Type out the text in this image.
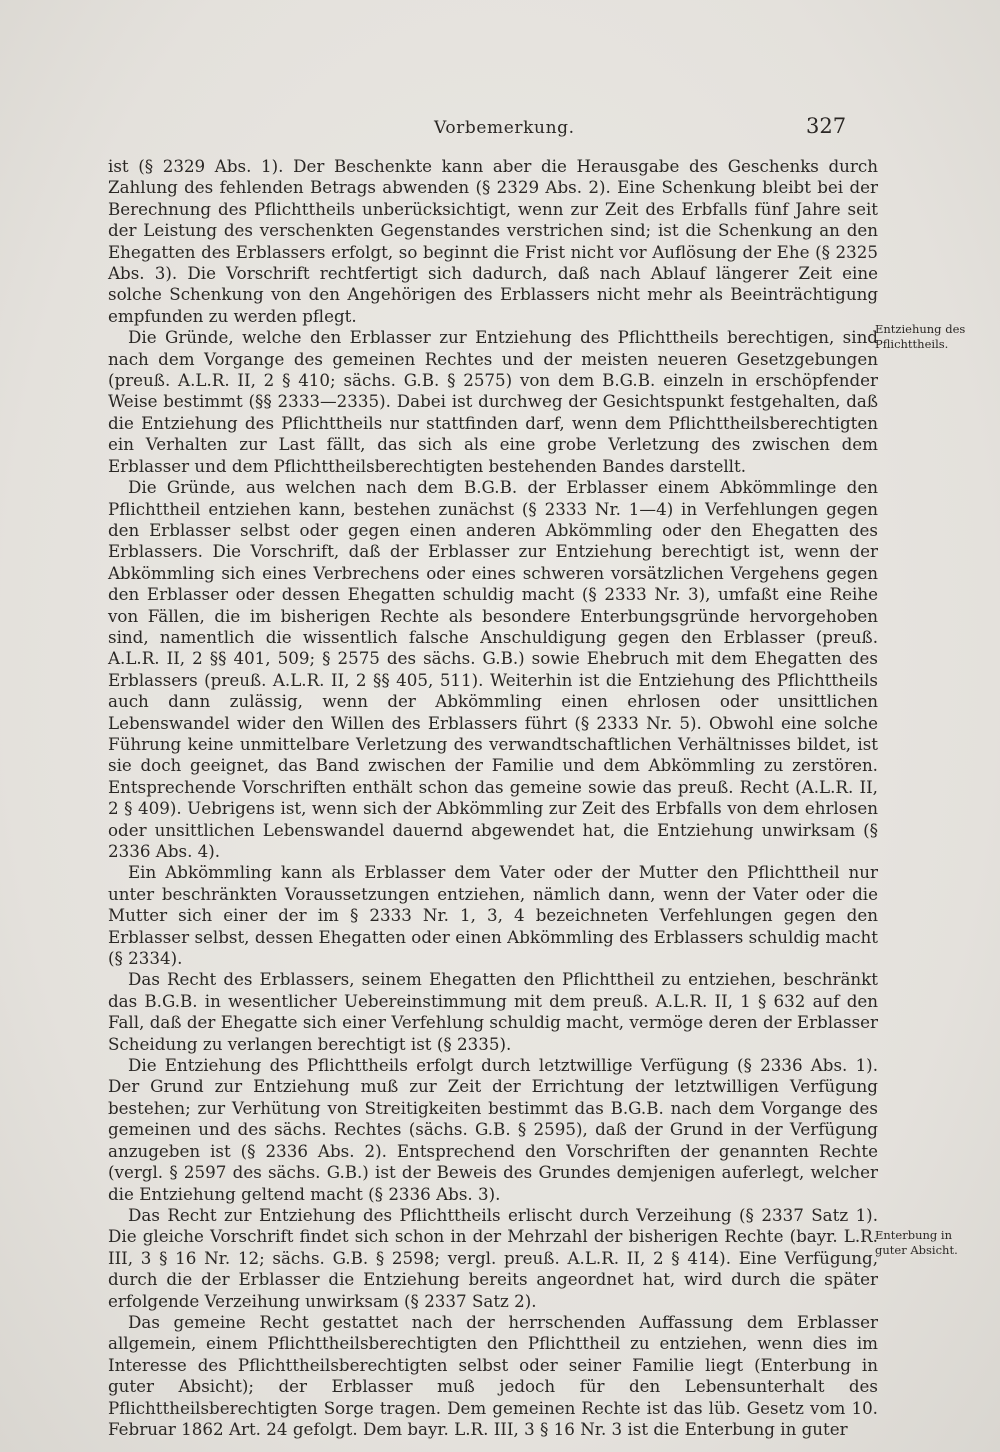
Vorbemerkung.	327

ist (§ 2329 Abs. 1). Der Beschenkte kann aber die Herausgabe des Geschenks durch Zahlung des fehlenden Betrags abwenden (§ 2329 Abs. 2). Eine Schenkung bleibt bei der Berechnung des Pflichttheils unberücksichtigt, wenn zur Zeit des Erbfalls fünf Jahre seit der Leistung des verschenkten Gegenstandes verstrichen sind; ist die Schenkung an den Ehegatten des Erblassers erfolgt, so beginnt die Frist nicht vor Auflösung der Ehe (§ 2325 Abs. 3). Die Vorschrift rechtfertigt sich dadurch, daß nach Ablauf längerer Zeit eine solche Schenkung von den Angehörigen des Erblassers nicht mehr als Beeinträchtigung empfunden zu werden pflegt.

Die Gründe, welche den Erblasser zur Entziehung des Pflichttheils berechtigen, sind nach dem Vorgange des gemeinen Rechtes und der meisten neueren Gesetzgebungen (preuß. A.L.R. II, 2 § 410; sächs. G.B. § 2575) von dem B.G.B. einzeln in erschöpfender Weise bestimmt (§§ 2333—2335). Dabei ist durchweg der Gesichtspunkt festgehalten, daß die Entziehung des Pflichttheils nur stattfinden darf, wenn dem Pflichttheilsberechtigten ein Verhalten zur Last fällt, das sich als eine grobe Verletzung des zwischen dem Erblasser und dem Pflichttheilsberechtigten bestehenden Bandes darstellt.

Die Gründe, aus welchen nach dem B.G.B. der Erblasser einem Abkömmlinge den Pflichttheil entziehen kann, bestehen zunächst (§ 2333 Nr. 1—4) in Verfehlungen gegen den Erblasser selbst oder gegen einen anderen Abkömmling oder den Ehegatten des Erblassers. Die Vorschrift, daß der Erblasser zur Entziehung berechtigt ist, wenn der Abkömmling sich eines Verbrechens oder eines schweren vorsätzlichen Vergehens gegen den Erblasser oder dessen Ehegatten schuldig macht (§ 2333 Nr. 3), umfaßt eine Reihe von Fällen, die im bisherigen Rechte als besondere Enterbungsgründe hervorgehoben sind, namentlich die wissentlich falsche Anschuldigung gegen den Erblasser (preuß. A.L.R. II, 2 §§ 401, 509; § 2575 des sächs. G.B.) sowie Ehebruch mit dem Ehegatten des Erblassers (preuß. A.L.R. II, 2 §§ 405, 511). Weiterhin ist die Entziehung des Pflichttheils auch dann zulässig, wenn der Abkömmling einen ehrlosen oder unsittlichen Lebenswandel wider den Willen des Erblassers führt (§ 2333 Nr. 5). Obwohl eine solche Führung keine unmittelbare Verletzung des verwandtschaftlichen Verhältnisses bildet, ist sie doch geeignet, das Band zwischen der Familie und dem Abkömmling zu zerstören. Entsprechende Vorschriften enthält schon das gemeine sowie das preuß. Recht (A.L.R. II, 2 § 409). Uebrigens ist, wenn sich der Abkömmling zur Zeit des Erbfalls von dem ehrlosen oder unsittlichen Lebenswandel dauernd abgewendet hat, die Entziehung unwirksam (§ 2336 Abs. 4).

Ein Abkömmling kann als Erblasser dem Vater oder der Mutter den Pflichttheil nur unter beschränkten Voraussetzungen entziehen, nämlich dann, wenn der Vater oder die Mutter sich einer der im § 2333 Nr. 1, 3, 4 bezeichneten Verfehlungen gegen den Erblasser selbst, dessen Ehegatten oder einen Abkömmling des Erblassers schuldig macht (§ 2334).

Das Recht des Erblassers, seinem Ehegatten den Pflichttheil zu entziehen, beschränkt das B.G.B. in wesentlicher Uebereinstimmung mit dem preuß. A.L.R. II, 1 § 632 auf den Fall, daß der Ehegatte sich einer Verfehlung schuldig macht, vermöge deren der Erblasser Scheidung zu verlangen berechtigt ist (§ 2335).

Die Entziehung des Pflichttheils erfolgt durch letztwillige Verfügung (§ 2336 Abs. 1). Der Grund zur Entziehung muß zur Zeit der Errichtung der letztwilligen Verfügung bestehen; zur Verhütung von Streitigkeiten bestimmt das B.G.B. nach dem Vorgange des gemeinen und des sächs. Rechtes (sächs. G.B. § 2595), daß der Grund in der Verfügung anzugeben ist (§ 2336 Abs. 2). Entsprechend den Vorschriften der genannten Rechte (vergl. § 2597 des sächs. G.B.) ist der Beweis des Grundes demjenigen auferlegt, welcher die Entziehung geltend macht (§ 2336 Abs. 3).

Das Recht zur Entziehung des Pflichttheils erlischt durch Verzeihung (§ 2337 Satz 1). Die gleiche Vorschrift findet sich schon in der Mehrzahl der bisherigen Rechte (bayr. L.R. III, 3 § 16 Nr. 12; sächs. G.B. § 2598; vergl. preuß. A.L.R. II, 2 § 414). Eine Verfügung, durch die der Erblasser die Entziehung bereits angeordnet hat, wird durch die später erfolgende Verzeihung unwirksam (§ 2337 Satz 2).

Das gemeine Recht gestattet nach der herrschenden Auffassung dem Erblasser allgemein, einem Pflichttheilsberechtigten den Pflichttheil zu entziehen, wenn dies im Interesse des Pflichttheilsberechtigten selbst oder seiner Familie liegt (Enterbung in guter Absicht); der Erblasser muß jedoch für den Lebensunterhalt des Pflichttheilsberechtigten Sorge tragen. Dem gemeinen Rechte ist das lüb. Gesetz vom 10. Februar 1862 Art. 24 gefolgt. Dem bayr. L.R. III, 3 § 16 Nr. 3 ist die Enterbung in guter

Entziehung des
Pflichttheils.
Enterbung in
guter Absicht.
